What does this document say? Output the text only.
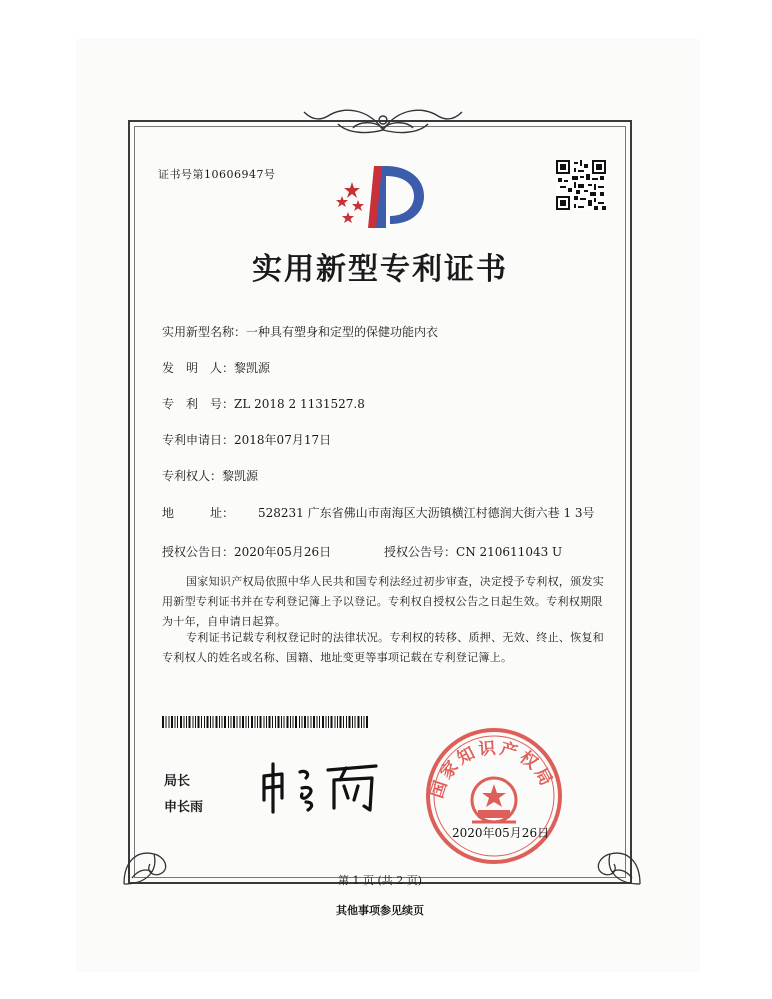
证书号第10606947号
实用新型专利证书
实用新型名称：一种具有塑身和定型的保健功能内衣
发　明　人：黎凯源
专　利　号：ZL 2018 2 1131527.8
专利申请日：2018年07月17日
专利权人：黎凯源
地　　　址： 528231 广东省佛山市南海区大沥镇横江村德润大街六巷 1 3号
授权公告日：2020年05月26日	授权公告号：CN 210611043 U
国家知识产权局依照中华人民共和国专利法经过初步审查，决定授予专利权，颁发实用新型专利证书并在专利登记簿上予以登记。专利权自授权公告之日起生效。专利权期限为十年，自申请日起算。
专利证书记载专利权登记时的法律状况。专利权的转移、质押、无效、终止、恢复和专利权人的姓名或名称、国籍、地址变更等事项记载在专利登记簿上。
局长
申长雨
国家知识产权局
2020年05月26日
第 1 页 (共 2 页)
其他事项参见续页
